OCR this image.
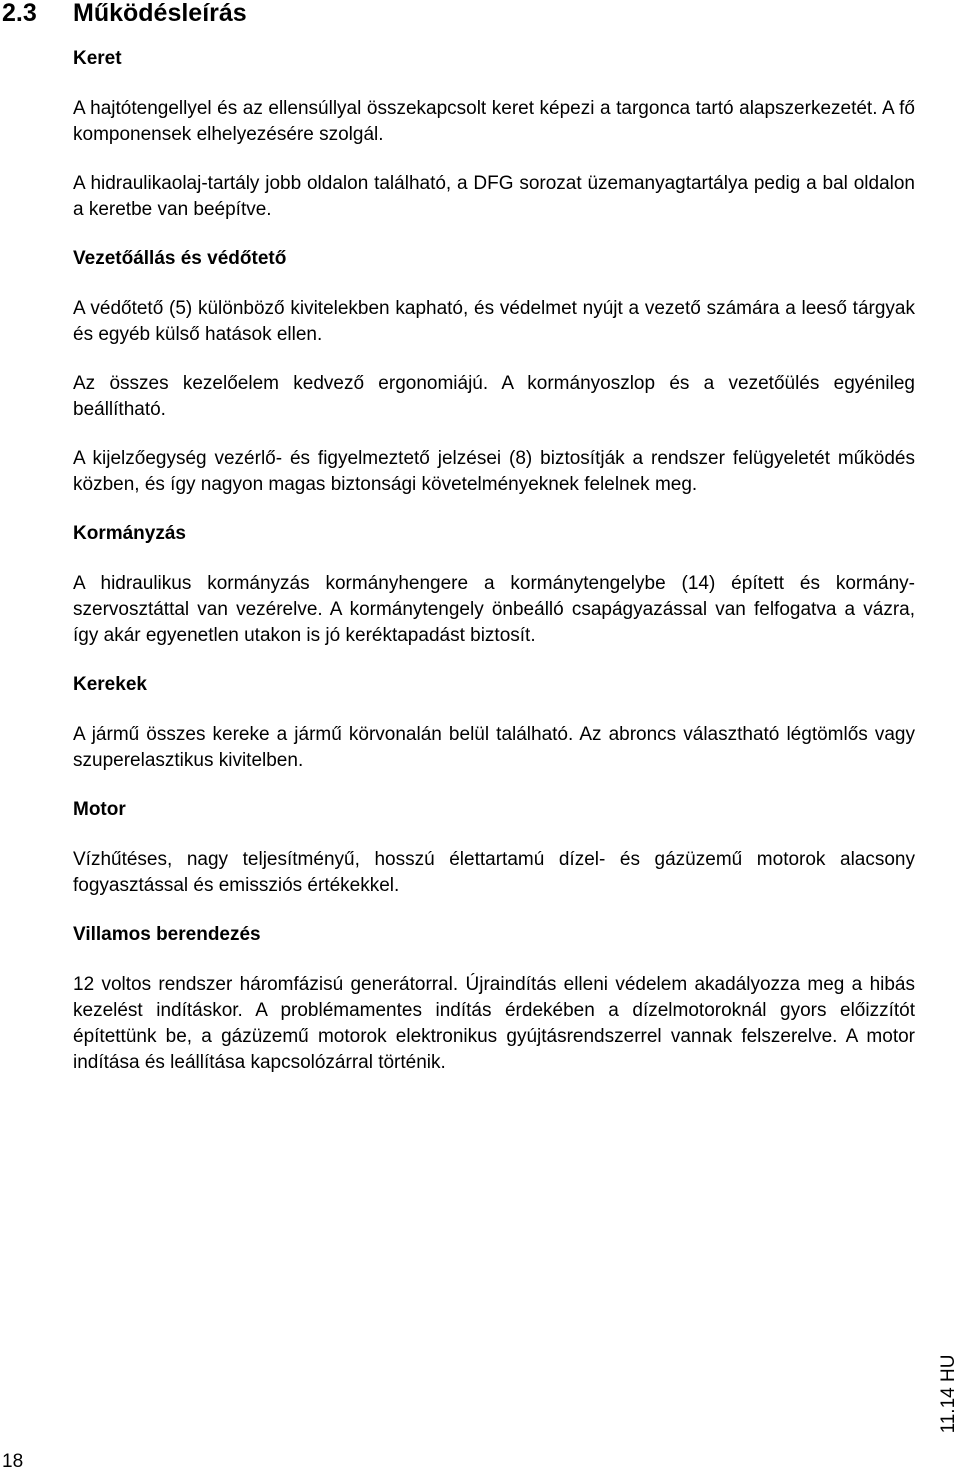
2.3 Működésleírás
Keret

A hajtótengellyel és az ellensúllyal összekapcsolt keret képezi a targonca tartó alapszerkezetét. A fő komponensek elhelyezésére szolgál.

A hidraulikaolaj-tartály jobb oldalon található, a DFG sorozat üzemanyagtartálya pedig a bal oldalon a keretbe van beépítve.

Vezetőállás és védőtető

A védőtető (5) különböző kivitelekben kapható, és védelmet nyújt a vezető számára a leeső tárgyak és egyéb külső hatások ellen.

Az összes kezelőelem kedvező ergonomiájú. A kormányoszlop és a vezetőülés egyénileg beállítható.

A kijelzőegység vezérlő- és figyelmeztető jelzései (8) biztosítják a rendszer felügyeletét működés közben, és így nagyon magas biztonsági követelményeknek felelnek meg.

Kormányzás

A hidraulikus kormányzás kormányhengere a kormánytengelybe (14) épített és kormány-szervosztáttal van vezérelve. A kormánytengely önbeálló csapágyazással van felfogatva a vázra, így akár egyenetlen utakon is jó keréktapadást biztosít.

Kerekek

A jármű összes kereke a jármű körvonalán belül található. Az abroncs választható légtömlős vagy szuperelasztikus kivitelben.

Motor

Vízhűtéses, nagy teljesítményű, hosszú élettartamú dízel- és gázüzemű motorok alacsony fogyasztással és emissziós értékekkel.

Villamos berendezés

12 voltos rendszer háromfázisú generátorral. Újraindítás elleni védelem akadályozza meg a hibás kezelést indításkor. A problémamentes indítás érdekében a dízelmotoroknál gyors előizzítót építettünk be, a gázüzemű motorok elektronikus gyújtásrendszerrel vannak felszerelve. A motor indítása és leállítása kapcsolózárral történik.

11.14 HU
18
